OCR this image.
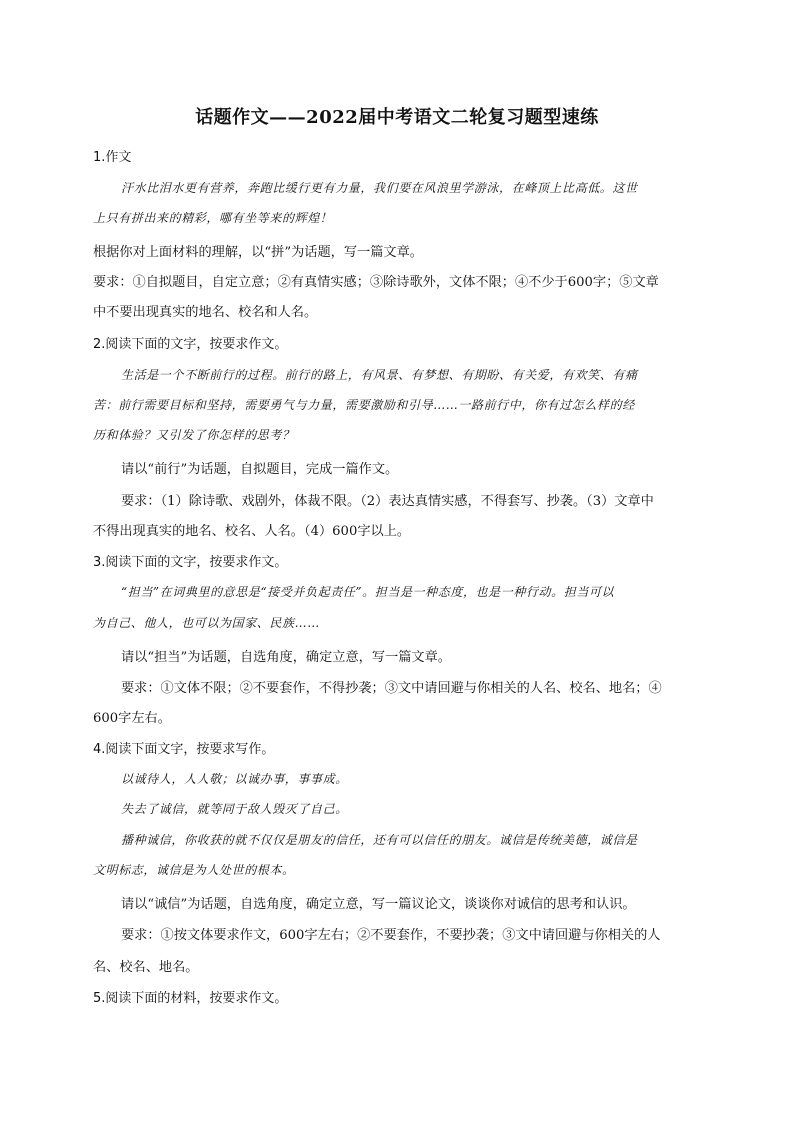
话题作文——2022届中考语文二轮复习题型速练
1.作文
汗水比泪水更有营养，奔跑比缓行更有力量，我们要在风浪里学游泳，在峰顶上比高低。这世
上只有拼出来的精彩，哪有坐等来的辉煌！
根据你对上面材料的理解，以“拼”为话题，写一篇文章。
要求：①自拟题目，自定立意；②有真情实感；③除诗歌外，文体不限；④不少于600字；⑤文章
中不要出现真实的地名、校名和人名。
2.阅读下面的文字，按要求作文。
生活是一个不断前行的过程。前行的路上，有风景、有梦想、有期盼、有关爱，有欢笑、有痛
苦：前行需要目标和坚持，需要勇气与力量，需要激励和引导……一路前行中，你有过怎么样的经
历和体验？又引发了你怎样的思考？
请以“前行”为话题，自拟题目，完成一篇作文。
要求：（1）除诗歌、戏剧外，体裁不限。（2）表达真情实感，不得套写、抄袭。（3）文章中
不得出现真实的地名、校名、人名。（4）600字以上。
3.阅读下面的文字，按要求作文。
“担当”在词典里的意思是“接受并负起责任”。担当是一种态度，也是一种行动。担当可以
为自己、他人，也可以为国家、民族……
请以“担当”为话题，自选角度，确定立意，写一篇文章。
要求：①文体不限；②不要套作，不得抄袭；③文中请回避与你相关的人名、校名、地名；④
600字左右。
4.阅读下面文字，按要求写作。
以诚待人，人人敬；以诚办事，事事成。
失去了诚信，就等同于敌人毁灭了自己。
播种诚信，你收获的就不仅仅是朋友的信任，还有可以信任的朋友。诚信是传统美德，诚信是
文明标志，诚信是为人处世的根本。
请以“诚信”为话题，自选角度，确定立意，写一篇议论文，谈谈你对诚信的思考和认识。
要求：①按文体要求作文，600字左右；②不要套作，不要抄袭；③文中请回避与你相关的人
名、校名、地名。
5.阅读下面的材料，按要求作文。
